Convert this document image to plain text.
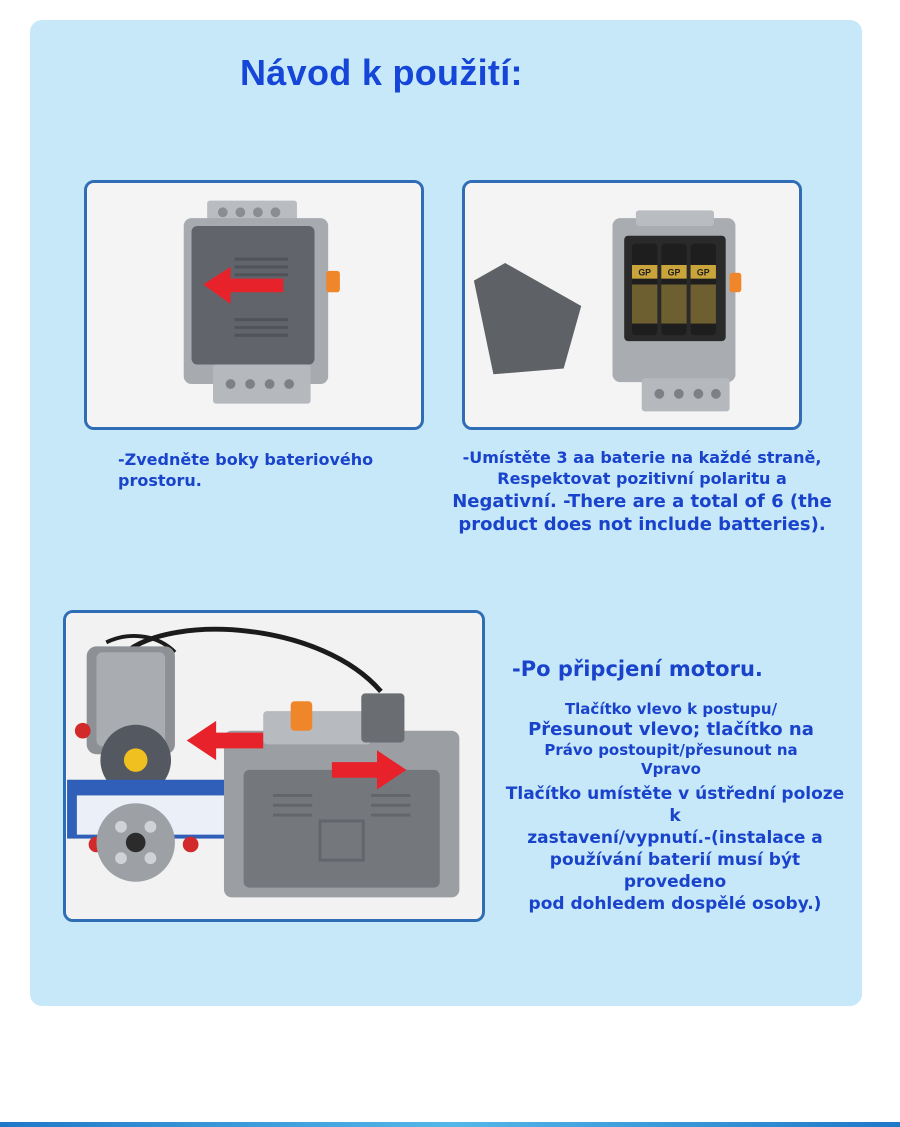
Návod k použití:
GP GP GP
-Zvedněte boky bateriového prostoru.
-Umístěte 3 aa baterie na každé straně,
Respektovat pozitivní polaritu a
Negativní. -There are a total of 6 (the
product does not include batteries).
-Po připcjení motoru.
Tlačítko vlevo k postupu/
Přesunout vlevo; tlačítko na
Právo postoupit/přesunout na
Vpravo
Tlačítko umístěte v ústřední poloze k
zastavení/vypnutí.-(instalace a
používání baterií musí být provedeno
pod dohledem dospělé osoby.)
